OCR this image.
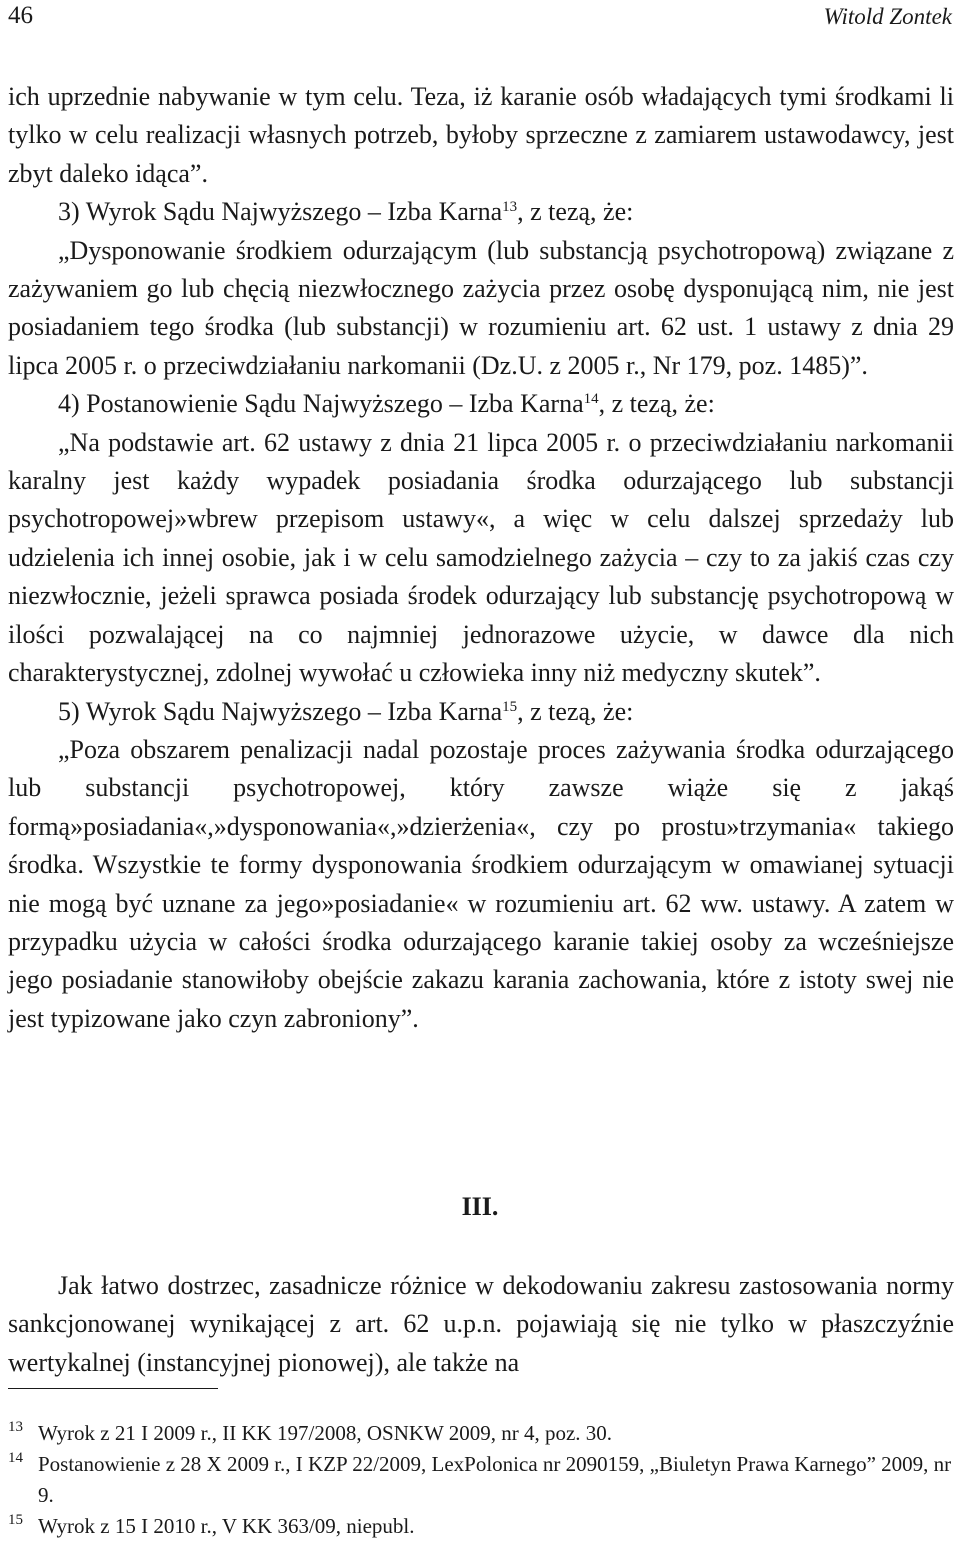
46	Witold Zontek

ich uprzednie nabywanie w tym celu. Teza, iż karanie osób władających tymi środkami li tylko w celu realizacji własnych potrzeb, byłoby sprzeczne z zamiarem ustawodawcy, jest zbyt daleko idąca”.

3) Wyrok Sądu Najwyższego – Izba Karna$^{13}$, z tezą, że:

„Dysponowanie środkiem odurzającym (lub substancją psychotropową) związane z zażywaniem go lub chęcią niezwłocznego zażycia przez osobę dysponującą nim, nie jest posiadaniem tego środka (lub substancji) w rozumieniu art. 62 ust. 1 ustawy z dnia 29 lipca 2005 r. o przeciwdziałaniu narkomanii (Dz.U. z 2005 r., Nr 179, poz. 1485)”.

4) Postanowienie Sądu Najwyższego – Izba Karna$^{14}$, z tezą, że:

„Na podstawie art. 62 ustawy z dnia 21 lipca 2005 r. o przeciwdziałaniu narkomanii karalny jest każdy wypadek posiadania środka odurzającego lub substancji psychotropowej»wbrew przepisom ustawy«, a więc w celu dalszej sprzedaży lub udzielenia ich innej osobie, jak i w celu samodzielnego zażycia – czy to za jakiś czas czy niezwłocznie, jeżeli sprawca posiada środek odurzający lub substancję psychotropową w ilości pozwalającej na co najmniej jednorazowe użycie, w dawce dla nich charakterystycznej, zdolnej wywołać u człowieka inny niż medyczny skutek”.

5) Wyrok Sądu Najwyższego – Izba Karna$^{15}$, z tezą, że:

„Poza obszarem penalizacji nadal pozostaje proces zażywania środka odurzającego lub substancji psychotropowej, który zawsze wiąże się z jakąś formą»posiadania«,»dysponowania«,»dzierżenia«, czy po prostu»trzymania« takiego środka. Wszystkie te formy dysponowania środkiem odurzającym w omawianej sytuacji nie mogą być uznane za jego»posiadanie« w rozumieniu art. 62 ww. ustawy. A zatem w przypadku użycia w całości środka odurzającego karanie takiej osoby za wcześniejsze jego posiadanie stanowiłoby obejście zakazu karania zachowania, które z istoty swej nie jest typizowane jako czyn zabroniony”.

III.

Jak łatwo dostrzec, zasadnicze różnice w dekodowaniu zakresu zastosowania normy sankcjonowanej wynikającej z art. 62 u.p.n. pojawiają się nie tylko w płaszczyźnie wertykalnej (instancyjnej pionowej), ale także na

13 Wyrok z 21 I 2009 r., II KK 197/2008, OSNKW 2009, nr 4, poz. 30.

14 Postanowienie z 28 X 2009 r., I KZP 22/2009, LexPolonica nr 2090159, „Biuletyn Prawa Karnego” 2009, nr 9.

15 Wyrok z 15 I 2010 r., V KK 363/09, niepubl.
